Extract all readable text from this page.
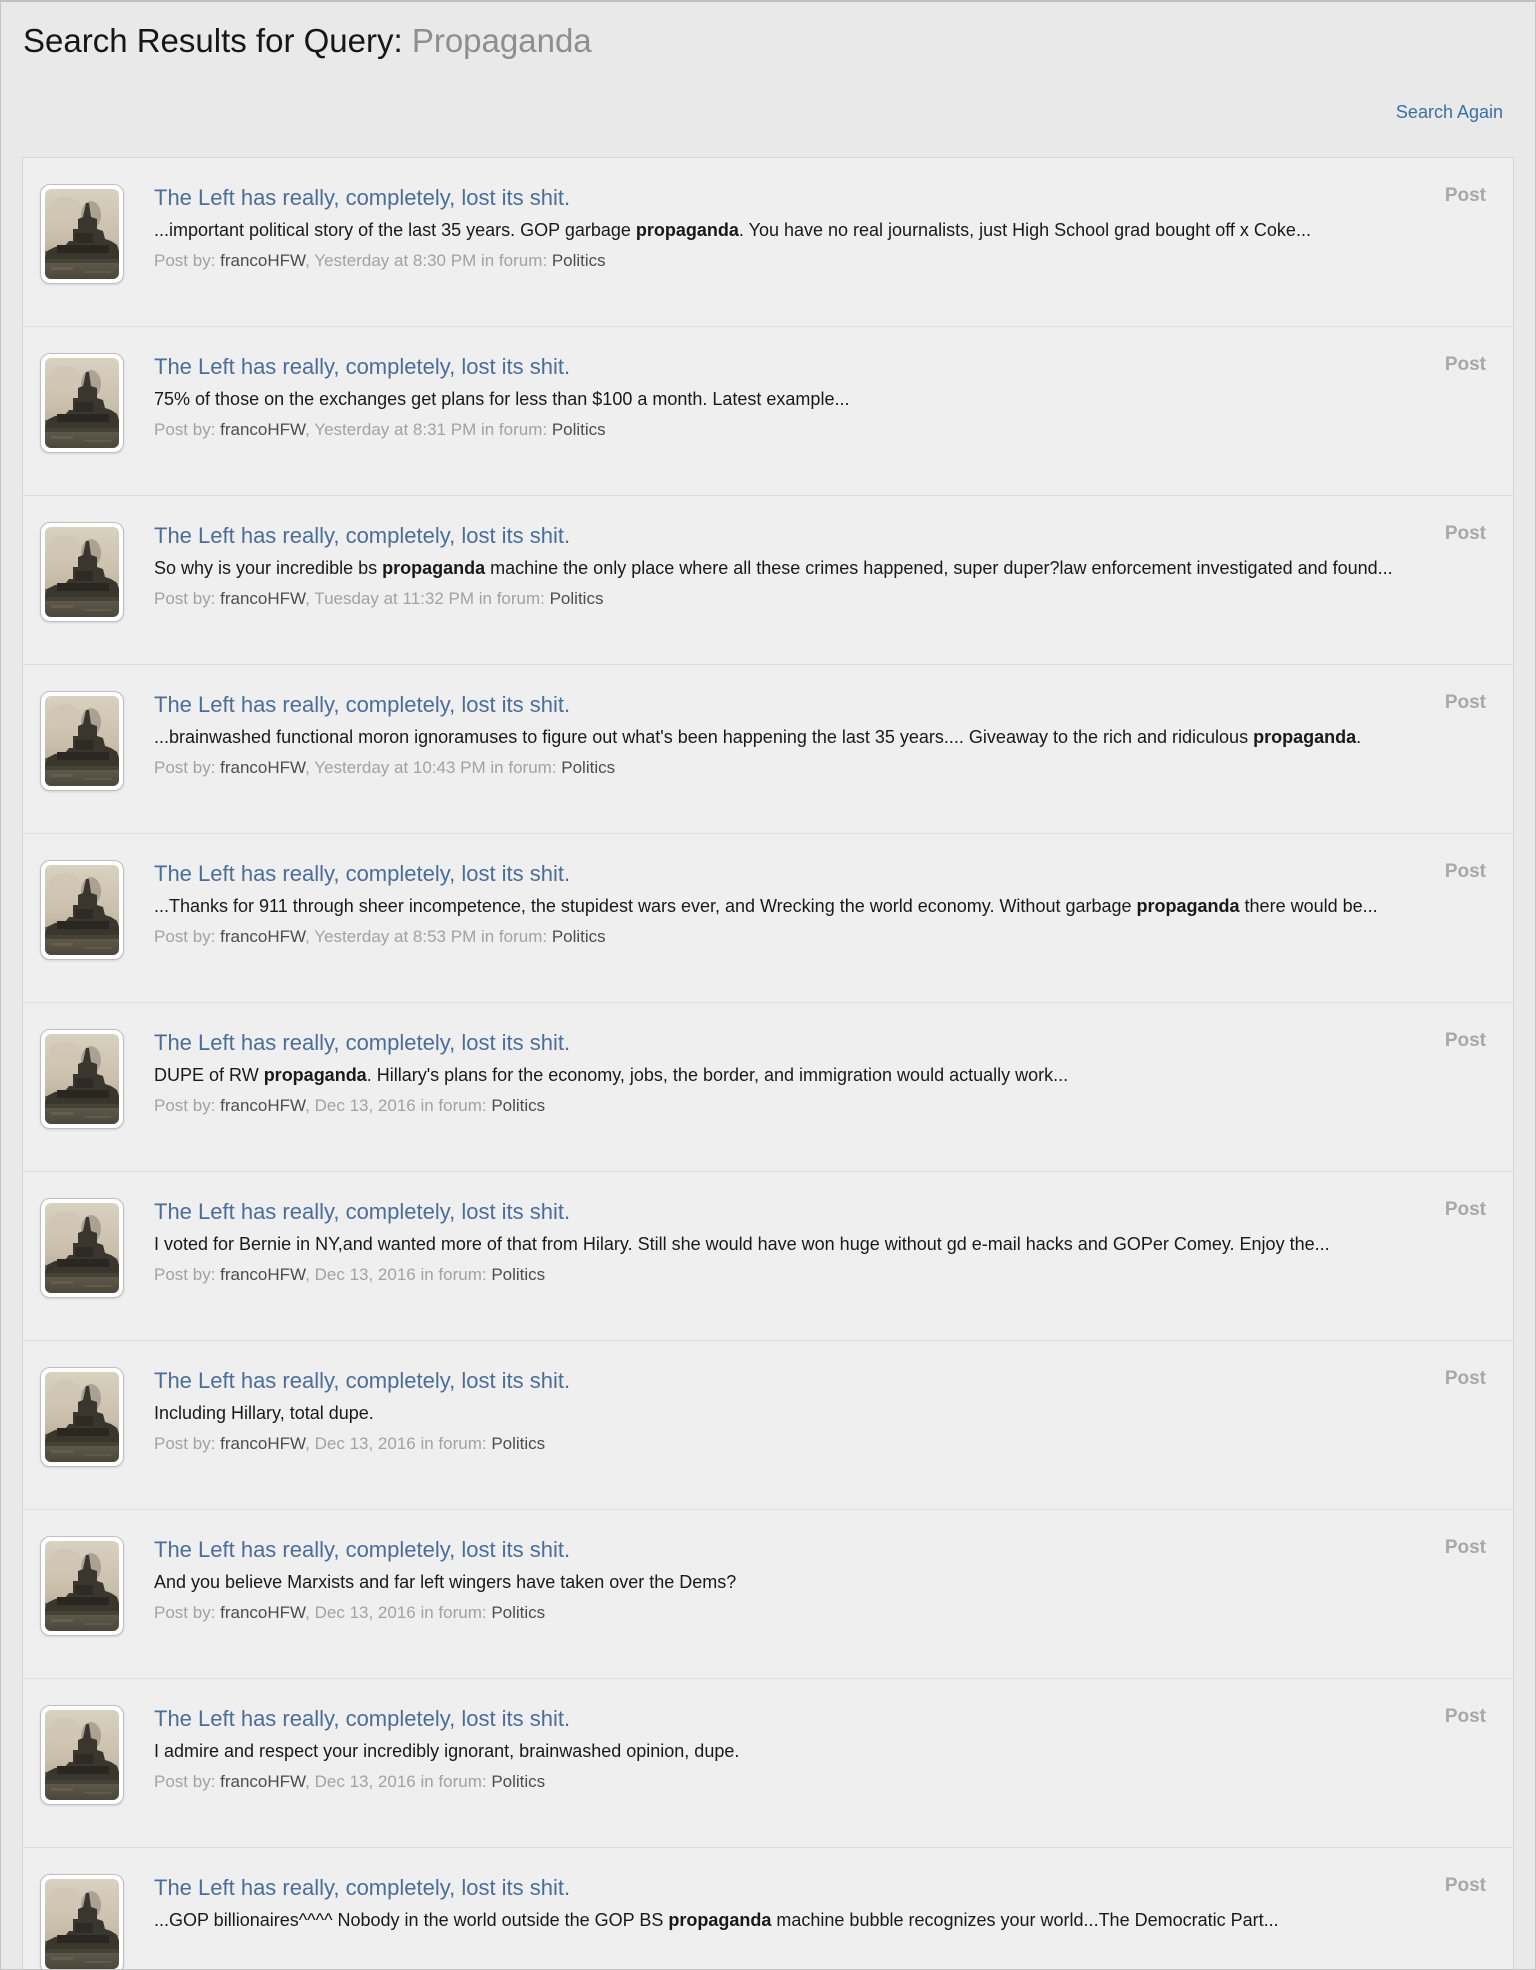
Search Results for Query: Propaganda
Search Again
The Left has really, completely, lost its shit.
...important political story of the last 35 years. GOP garbage propaganda. You have no real journalists, just High School grad bought off x Coke...
Post by: francoHFW, Yesterday at 8:30 PM in forum: Politics
Post
The Left has really, completely, lost its shit.
75% of those on the exchanges get plans for less than $100 a month. Latest example...
Post by: francoHFW, Yesterday at 8:31 PM in forum: Politics
Post
The Left has really, completely, lost its shit.
So why is your incredible bs propaganda machine the only place where all these crimes happened, super duper?law enforcement investigated and found...
Post by: francoHFW, Tuesday at 11:32 PM in forum: Politics
Post
The Left has really, completely, lost its shit.
...brainwashed functional moron ignoramuses to figure out what's been happening the last 35 years.... Giveaway to the rich and ridiculous propaganda.
Post by: francoHFW, Yesterday at 10:43 PM in forum: Politics
Post
The Left has really, completely, lost its shit.
...Thanks for 911 through sheer incompetence, the stupidest wars ever, and Wrecking the world economy. Without garbage propaganda there would be...
Post by: francoHFW, Yesterday at 8:53 PM in forum: Politics
Post
The Left has really, completely, lost its shit.
DUPE of RW propaganda. Hillary's plans for the economy, jobs, the border, and immigration would actually work...
Post by: francoHFW, Dec 13, 2016 in forum: Politics
Post
The Left has really, completely, lost its shit.
I voted for Bernie in NY,and wanted more of that from Hilary. Still she would have won huge without gd e-mail hacks and GOPer Comey. Enjoy the...
Post by: francoHFW, Dec 13, 2016 in forum: Politics
Post
The Left has really, completely, lost its shit.
Including Hillary, total dupe.
Post by: francoHFW, Dec 13, 2016 in forum: Politics
Post
The Left has really, completely, lost its shit.
And you believe Marxists and far left wingers have taken over the Dems?
Post by: francoHFW, Dec 13, 2016 in forum: Politics
Post
The Left has really, completely, lost its shit.
I admire and respect your incredibly ignorant, brainwashed opinion, dupe.
Post by: francoHFW, Dec 13, 2016 in forum: Politics
Post
The Left has really, completely, lost its shit.
...GOP billionaires^^^^ Nobody in the world outside the GOP BS propaganda machine bubble recognizes your world...The Democratic Part...
Post
